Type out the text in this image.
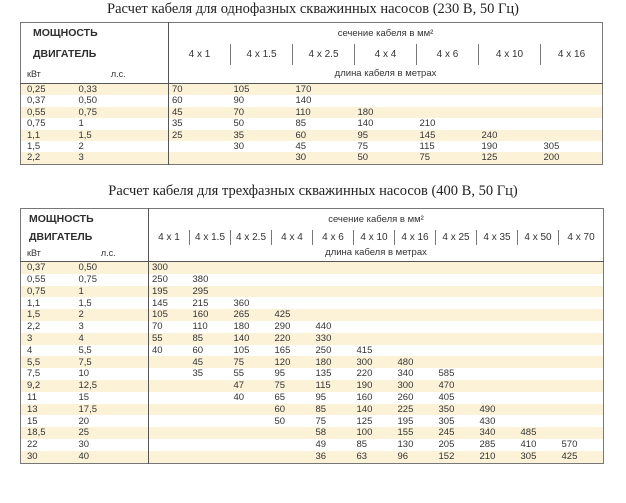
Расчет кабеля для однофазных скважинных насосов (230 В, 50 Гц)
МОЩНОСТЬ		сечение кабеля в мм²						
ДВИГАТЕЛЬ		4 x 1	4 x 1.5	4 x 2.5	4 x 4	4 x 6	4 x 10	4 x 16
кВт	л.с.	длина кабеля в метрах						
0,25	0,33	70	105	170				
0,37	0,50	60	90	140				
0,55	0,75	45	70	110	180			
0,75	1	35	50	85	140	210		
1,1	1,5	25	35	60	95	145	240	
1,5	2		30	45	75	115	190	305
2,2	3			30	50	75	125	200
Расчет кабеля для трехфазных скважинных насосов (400 В, 50 Гц)
МОЩНОСТЬ		сечение кабеля в мм²										
ДВИГАТЕЛЬ		4 x 1	4 x 1.5	4 x 2.5	4 x 4	4 x 6	4 x 10	4 x 16	4 x 25	4 x 35	4 x 50	4 x 70
кВт	л.с.	длина кабеля в метрах										
0,37	0,50	300										
0,55	0,75	250	380									
0,75	1	195	295									
1,1	1,5	145	215	360								
1,5	2	105	160	265	425							
2,2	3	70	110	180	290	440						
3	4	55	85	140	220	330						
4	5,5	40	60	105	165	250	415					
5,5	7,5		45	75	120	180	300	480				
7,5	10		35	55	95	135	220	340	585			
9,2	12,5			47	75	115	190	300	470			
11	15			40	65	95	160	260	405			
13	17,5				60	85	140	225	350	490		
15	20				50	75	125	195	305	430		
18,5	25					58	100	155	245	340	485	
22	30					49	85	130	205	285	410	570
30	40					36	63	96	152	210	305	425
